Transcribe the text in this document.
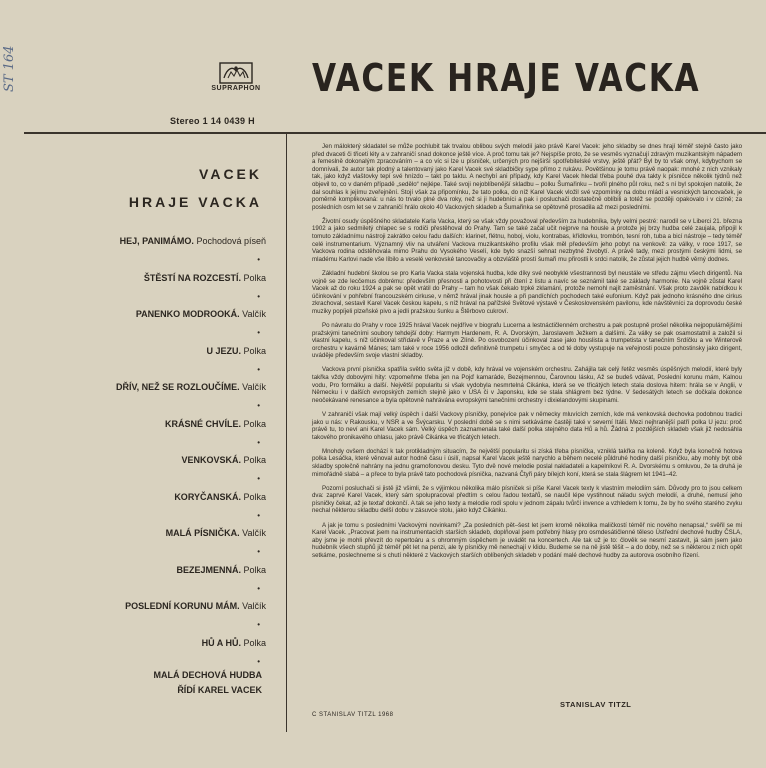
ST 164	SUPRAPHON
Stereo 1 14 0439 H
VACEK HRAJE VACKA
VACEK
HRAJE VACKA
HEJ, PANIMÁMO. Pochodová píseň
•
ŠTĚSTÍ NA ROZCESTÍ. Polka
•
PANENKO MODROOKÁ. Valčík
•
U JEZU. Polka
•
DŘÍV, NEŽ SE ROZLOUČÍME. Valčík
•
KRÁSNÉ CHVÍLE. Polka
•
VENKOVSKÁ. Polka
•
KORYČANSKÁ. Polka
•
MALÁ PÍSNIČKA. Valčík
•
BEZEJMENNÁ. Polka
•
POSLEDNÍ KORUNU MÁM. Valčík
•
HŮ A HŮ. Polka
•
MALÁ DECHOVÁ HUDBA
ŘÍDÍ KAREL VACEK

Jen málokterý skladatel se může pochlubit tak trvalou oblibou svých melodií jako právě Karel Vacek: jeho skladby se dnes hrají téměř stejně často jako před dvaceti či třiceti léty a v zahraničí snad dokonce ještě více. A proč tomu tak je? Nejspíše proto, že se vesměs vyznačují zdravým muzikantským nápadem a řemeslně dokonalým zpracováním – a co víc si lze u písniček, určených pro nejširší spotřebitelské vrstvy, ještě přát? Byl by to však omyl, kdybychom se domnívali, že autor tak plodný a talentovaný jako Karel Vacek své skladbičky sype přímo z rukávu. Povětšinou je tomu právě naopak: mnohé z nich vznikaly tak, jako když vlaštovky tepí své hnízdo – takt po taktu. A nechybí ani případy, kdy Karel Vacek hledal třeba pouhé dva takty k písničce několik týdnů než objevil to, co v daném případě „sedělo“ nejlépe. Také svoji nejoblíbenější skladbu – polku Šumařinku – tvořil plného půl roku, než s ní byl spokojen natolik, že dal souhlas k jejímu zveřejnění. Stojí však za připomínku, že tato polka, do níž Karel Vacek vložil své vzpomínky na dobu mládí a vesnických tancovaček, je poměrně komplikovaná: u nás to trvalo plné dva roky, než si ji hudebníci a pak i posluchači dostatečně oblíbili a totéž se později opakovalo i v cizině; za posledních osm let se v zahraničí hrálo okolo 40 Vackových skladeb a Šumařinka se opětovně prosadila až mezi posledními.

Životní osudy úspěšného skladatele Karla Vacka, který se však vždy považoval především za hudebníka, byly velmi pestré: narodil se v Liberci 21. března 1902 a jako sedmiletý chlapec se s rodiči přestěhoval do Prahy. Tam se také začal učit nejprve na housle a protože jej brzy hudba celé zaujala, připojil k tomuto základnímu nástroji zakrátko celou řadu dalších: klarinet, flétnu, hoboj, violu, kontrabas, křídlovku, trombón, tesní roh, tuba a bicí nástroje – tedy téměř celé instrumentarium. Významný vliv na utváření Vackova muzikantského profilu však měl především jeho pobyt na venkově: za války, v roce 1917, se Vackova rodina odstěhovala mimo Prahu do Vysokého Veselí, kde bylo snazší sehnat nezbytné živobytí. A právě tady, mezi prostými českými lidmi, se mladému Karlovi nade vše líbilo a veselé venkovské tancovačky a obzvláště prostí šumaři mu přirostli k srdci natolik, že zůstal jejich hudbě věrný dodnes.

Základní hudební školou se pro Karla Vacka stala vojenská hudba, kde díky své neobyklé všestrannosti byl neustále ve středu zájmu všech dirigentů. Na vojně se zde lecčemus dobrému: především přesnosti a pohotovosti při čtení z listu a navíc se seznámil také se základy harmonie. Na vojně zůstal Karel Vacek až do roku 1924 a pak se opět vrátil do Prahy – tam ho však čekalo trpké zklamání, protože nemohl najít zaměstnání. Však proto zavděk nabídkou k účinkování v pohřební francouzském cirkuse, v němž hrával jinak housle a při pandíchích pochodech také eufonium. Když pak jednoho krásného dne cirkus zkrachoval, sestavil Karel Vacek českou kapelu, s níž hrával na pařížské Světové výstavě v Československém pavilonu, kde návštěvníci za doprovodu české muziky popíjeli plzeňské pivo a jedli pražskou šunku a Štěrbovo cukroví.

Po návratu do Prahy v roce 1925 hrával Vacek nejdříve v biografu Lucerna a lestnáctičlenném orchestru a pak postupně prošel několika nejpopulárnějšími pražskými tanečními soubory tehdejší doby: Harmym Hardenem, R. A. Dvorským, Jaroslavem Ježkem a dalšími. Za války se pak osamostatnil a založil si vlastní kapelu, s níž účinkoval střídavě v Praze a ve Zlíně. Po osvobození účinkoval zase jako houslista a trumpetista v tanečním Srdíčku a ve Winterově orchestru v kavárně Mánes; tam také v roce 1956 odložil definitivně trumpetu i smyčec a od té doby vystupuje na veřejnosti pouze pohostinsky jako dirigent, uváděje především svoje vlastní skladby.

Vackova první písnička spatřila světlo světa již v době, kdy hrával ve vojenském orchestru. Zahájila tak celý řetěz vesměs úspěšných melodií, které byly takřka vždy dobovými hity: vzpomeňme třeba jen na Pojď kamaráde, Bezejmennou, Čarovnou lásku, Až se budeš vdávat, Poslední korunu mám, Kalnou vodu, Pro formálku a další. Největší popularitu si však vydobyla nesmrtelná Cikánka, která se ve třicátých letech stala doslova hitem: hrála se v Anglii, v Německu i v dalších evropských zemích stejně jako v USA či v Japonsku, kde se stala shlágrem bez týdne. V šedesátých letech se dočkala dokonce neočekávané renesance a byla opětovně nahrávána evropskými tanečními orchestry i dixielandovými skupinami.

V zahraničí však mají velký úspěch i další Vackovy písničky, ponejvíce pak v německy mluvících zemích, kde má venkovská dechovka podobnou tradici jako u nás: v Rakousku, v NSR a ve Švýcarsku. V poslední době se s nimi setkáváme častěji také v severní Itálii. Mezi nejhranější patří polka U jezu: proč právě tu, to neví ani Karel Vacek sám. Velký úspěch zaznamenala také další polka stejného data Hů a hů. Žádná z pozdějších skladeb však již nedosáhla takového pronikavého ohlasu, jako právě Cikánka ve třicátých letech.

Mnohdy ovšem dochází k tak protikladným situacím, že největší popularitu si získá třeba písnička, vzniklá takřka na koleně. Když byla konečně hotova polka Lesáčka, které věnoval autor hodně času i úsilí, napsal Karel Vacek ještě narychlo a během necelé půldruhé hodiny další písničku, aby mohly být obě skladby společně nahrány na jednu gramofonovou desku. Tyto dvě nové melodie poslal nakladateli a kapelníkovi R. A. Dvorskému s omluvou, že ta druhá je mimořádně slabá – a přece to byla právě tato pochodová písnička, nazvaná Čtyři páry bílejch koní, která se stala šlágrem let 1941–42.

Pozorní posluchači si jistě již všimli, že s výjimkou několika málo písniček si píše Karel Vacek texty k vlastním melodiím sám. Důvody pro to jsou celkem dva: zaprvé Karel Vacek, který sám spolupracoval předtím s celou řadou textařů, se naučil lépe vystihnout náladu svých melodií, a druhé, nemusí jeho písničky čekat, až je textař dokončí. A tak se jeho texty a melodie rodí spolu v jednom zápalu tvůrčí invence a vzhledem k tomu, že by ho svého starého zvyku nechal některou skladbu delší dobu v zásuvce stolu, jako když Cikánku.

A jak je tomu s posledními Vackovými novinkami? „Za posledních pět–šest let jsem kromě několika maličkostí téměř nic nového nenapsal,“ svěřil se mi Karel Vacek. „Pracovat jsem na instrumentacích starších skladeb, doplňoval jsem potřebný hlasy pro osmdesátičlenné těleso Ústřední dechové hudby ČSLA, aby jsme je mohli převzít do repertoáru a s ohromným úspěchem je uvádět na koncertech. Ale tak už je to: člověk se nesmí zastavit, já sám jsem jako hudebník všech stupňů již téměř pět let na penzi, ale ty písničky mě nenechají v klidu. Budeme se na ně jistě těšit – a do doby, než se s některou z nich opět setkáme, poslechneme si s chutí některé z Vackových starších oblíbených skladeb v podání malé dechové hudby za autorova osobního řízení.

STANISLAV TITZL
C STANISLAV TITZL 1968
